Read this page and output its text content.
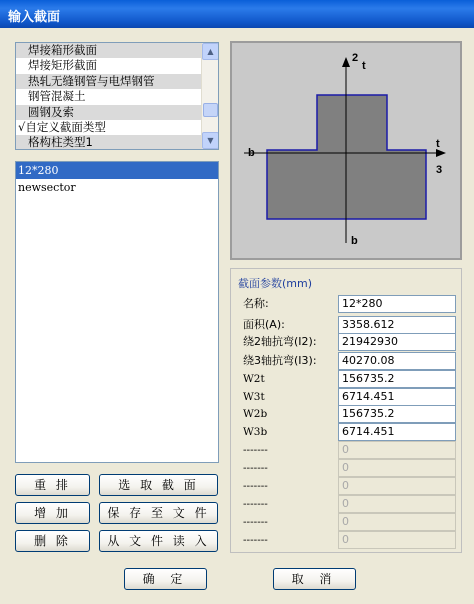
输入截面
焊接箱形截面
焊接矩形截面
热轧无缝钢管与电焊钢管
钢管混凝土
圆钢及索
√自定义截面类型
格构柱类型1
▲
▼
12*280
newsector
重 排	选 取 截 面
增 加	保 存 至 文 件
删 除	从 文 件 读 入
2
t
t
3
b
b
截面参数(mm)
名称:	12*280
面积(A):	3358.612
绕2轴抗弯(I2):	21942930
绕3轴抗弯(I3):	40270.08
W2t	156735.2
W3t	6714.451
W2b	156735.2
W3b	6714.451
-------	0
-------	0
-------	0
-------	0
-------	0
-------	0
确 定	取 消
